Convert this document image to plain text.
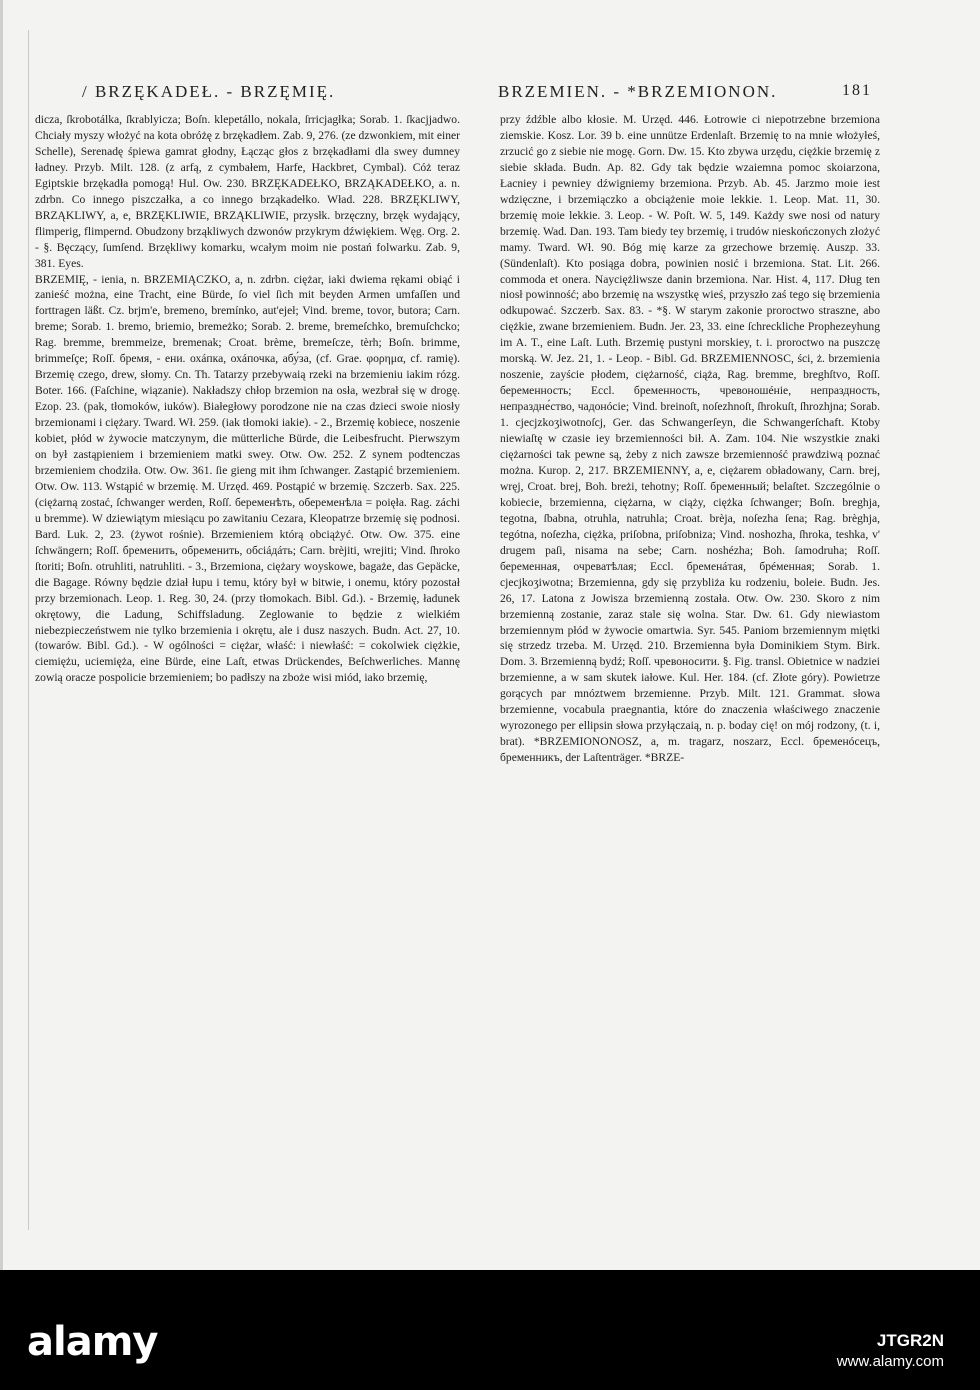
/ BRZĘKADEŁ. - BRZĘMIĘ.	BRZEMIEN. - *BRZEMIONON.	181

dicza, ſkrobotálka, ſkrablyicza; Boſn. klepetállo, nokala, ſrricjagłka; Sorab. 1. ſkacjjadwo. Chciały myszy włożyć na kota obróżę z brzękadłem. Zab. 9, 276. (ze dzwonkiem, mit einer Schelle), Serenadę śpiewa gamrat głodny, Łącząc głos z brzękadłami dla swey dumney ładney. Przyb. Milt. 128. (z arfą, z cymbałem, Harfe, Hackbret, Cymbal). Cóż teraz Egiptskie brzękadła pomogą! Hul. Ow. 230. BRZĘKADEŁKO, BRZĄKADEŁKO, a. n. zdrbn. Co innego piszczałka, a co innego brząkadełko. Wład. 228. BRZĘKLIWY, BRZĄKLIWY, a, e, BRZĘKLIWIE, BRZĄKLIWIE, przysłk. brzęczny, brzęk wydający, flimperig, flimpernd. Obudzony brząkliwych dzwonów przykrym dźwiękiem. Węg. Org. 2. - §. Bęczący, ſumſend. Brzękliwy komarku, wcałym moim nie postań folwarku. Zab. 9, 381. Eyes.

BRZEMIĘ, - ienia, n. BRZEMIĄCZKO, a, n. zdrbn. ciężar, iaki dwiema rękami obiąć i zanieść można, eine Tracht, eine Bürde, ſo viel ſich mit beyden Armen umfaſſen und forttragen läßt. Cz. brjm'e, bremeno, bremínko, aut'ejeł; Vind. breme, tovor, butora; Carn. breme; Sorab. 1. bremo, briemio, bremeżko; Sorab. 2. breme, bremeſchko, bremuſchcko; Rag. bremme, bremmeize, bremenak; Croat. brème, bremeſcze, tèrh; Boſn. brimme, brimmeſçe; Roſſ. бремя, - ени. охáпка, охáпочка, абу́за, (cf. Grae. φορημα, cf. ramię). Brzemię czego, drew, słomy. Cn. Th. Tatarzy przebywaią rzeki na brzemieniu iakim rózg. Boter. 166. (Faſchine, wiązanie). Nakładszy chłop brzemion na osła, wezbrał się w drogę. Ezop. 23. (pak, tłomoków, iuków). Białegłowy porodzone nie na czas dzieci swoie niosły brzemionami i ciężary. Tward. Wł. 259. (iak tłomoki iakie). - 2., Brzemię kobiece, noszenie kobiet, płód w żywocie matczynym, die mütterliche Bürde, die Leibesfrucht. Pierwszym on był zastąpieniem i brzemieniem matki swey. Otw. Ow. 252. Z synem podtenczas brzemieniem chodziła. Otw. Ow. 361. ſie gieng mit ihm ſchwanger. Zastąpić brzemieniem. Otw. Ow. 113. Wstąpić w brzemię. M. Urzęd. 469. Postąpić w brzemię. Szczerb. Sax. 225. (ciężarną zostać, ſchwanger werden, Roſſ. беременѣть, обеременѣла = poięła. Rag. záchi u bremme). W dziewiątym miesiącu po zawitaniu Cezara, Kleopatrze brzemię się podnosi. Bard. Luk. 2, 23. (żywot rośnie). Brzemieniem którą obciążyć. Otw. Ow. 375. eine ſchwängern; Roſſ. бременить, обременить, обсіáдáть; Carn. brèjiti, wrejiti; Vind. ſhroko ſtoriti; Boſn. otruhliti, natruhliti. - 3., Brzemiona, ciężary woyskowe, bagaże, das Gepäcke, die Bagage. Równy będzie dział łupu i temu, który był w bitwie, i onemu, który pozostał przy brzemionach. Leop. 1. Reg. 30, 24. (przy tłomokach. Bibl. Gd.). - Brzemię, ładunek okrętowy, die Ladung, Schiffsladung. Zeglowanie to będzie z wielkiém niebezpieczeństwem nie tylko brzemienia i okrętu, ale i dusz naszych. Budn. Act. 27, 10. (towarów. Bibl. Gd.). - W ogólności = ciężar, właść: i niewłaść: = cokolwiek ciężkie, ciemiężu, uciemięża, eine Bürde, eine Laſt, etwas Drückendes, Beſchwerliches. Mannę zowią oracze pospolicie brzemieniem; bo padłszy na zboże wisi miód, iako brzemię,

przy źdźble albo kłosie. M. Urzęd. 446. Łotrowie ci niepotrzebne brzemiona ziemskie. Kosz. Lor. 39 b. eine unnütze Erdenlaſt. Brzemię to na mnie włożyłeś, zrzucić go z siebie nie mogę. Gorn. Dw. 15. Kto zbywa urzędu, ciężkie brzemię z siebie składa. Budn. Ap. 82. Gdy tak będzie wzaiemna pomoc skoiarzona, Łacniey i pewniey dźwigniemy brzemiona. Przyb. Ab. 45. Jarzmo moie iest wdzięczne, i brzemiączko a obciążenie moie lekkie. 1. Leop. Mat. 11, 30. brzemię moie lekkie. 3. Leop. - W. Poſt. W. 5, 149. Każdy swe nosi od natury brzemię. Wad. Dan. 193. Tam biedy tey brzemię, i trudów nieskończonych złożyć mamy. Tward. Wł. 90. Bóg mię karze za grzechowe brzemię. Auszp. 33. (Sündenlaſt). Kto posiąga dobra, powinien nosić i brzemiona. Stat. Lit. 266. commoda et onera. Nayciężliwsze danin brzemiona. Nar. Hist. 4, 117. Dług ten niosł powinność; abo brzemię na wszystkę wieś, przyszło zaś tego się brzemienia odkupować. Szczerb. Sax. 83. - *§. W starym zakonie proroctwo straszne, abo ciężkie, zwane brzemieniem. Budn. Jer. 23, 33. eine ſchreckliche Prophezeyhung im A. T., eine Laſt. Luth. Brzemię pustyni morskiey, t. i. proroctwo na puszczę morską. W. Jez. 21, 1. - Leop. - Bibl. Gd. BRZEMIENNOSC, ści, ż. brzemienia noszenie, zayście płodem, ciężarność, ciąża, Rag. bremme, breghſtvo, Roſſ. беременность; Eccl. бременность, чревоношéніе, непраздность, непраздне́ство, чадонóсіе; Vind. breinoſt, noſezhnoſt, ſhrokuſt, ſhrozhjna; Sorab. 1. cjecjzkoʒiwotnoſcj, Ger. das Schwangerſeyn, die Schwangerſchaft. Ktoby niewiaſtę w czasie iey brzemienności bił. A. Zam. 104. Nie wszystkie znaki ciężarności tak pewne są, żeby z nich zawsze brzemienność prawdziwą poznać można. Kurop. 2, 217. BRZEMIENNY, a, e, ciężarem obładowany, Carn. brej, wręj, Croat. brej, Boh. breżi, tehotny; Roſſ. бременный; belaſtet. Szczególnie o kobiecie, brzemienna, ciężarna, w ciąży, ciężka ſchwanger; Boſn. breghja, tegotna, ſbabna, otruhla, natruhla; Croat. brèja, noſezha ſena; Rag. brèghja, tegótna, noſezha, ciężka, priſobna, priſobniza; Vind. noshozha, ſhroka, teshka, v' drugem paſi, nisama na sebe; Carn. noshézha; Boh. ſamodruha; Roſſ. беременная, очреватѣлая; Eccl. бременáтая, брéменная; Sorab. 1. cjecjkoʒiwotna; Brzemienna, gdy się przybliża ku rodzeniu, boleie. Budn. Jes. 26, 17. Latona z Jowisza brzemienną została. Otw. Ow. 230. Skoro z nim brzemienną zostanie, zaraz stale się wolna. Star. Dw. 61. Gdy niewiastom brzemiennym płód w żywocie omartwia. Syr. 545. Paniom brzemiennym miętki się strzedz trzeba. M. Urzęd. 210. Brzemienna była Dominikiem Stym. Birk. Dom. 3. Brzemienną bydź; Roſſ. чревоносити. §. Fig. transl. Obietnice w nadziei brzemienne, a w sam skutek iałowe. Kul. Her. 184. (cf. Złote góry). Powietrze gorących par mnóztwem brzemienne. Przyb. Milt. 121. Grammat. słowa brzemienne, vocabula praegnantia, które do znaczenia właściwego znaczenie wyrozonego per ellipsin słowa przyłączaią, n. p. boday cię! on mój rodzony, (t. i, brat). *BRZEMIONONOSZ, a, m. tragarz, noszarz, Eccl. бременóсецъ, бременникъ, der Laſtenträger. *BRZE-

alamy	JTGR2N
www.alamy.com
